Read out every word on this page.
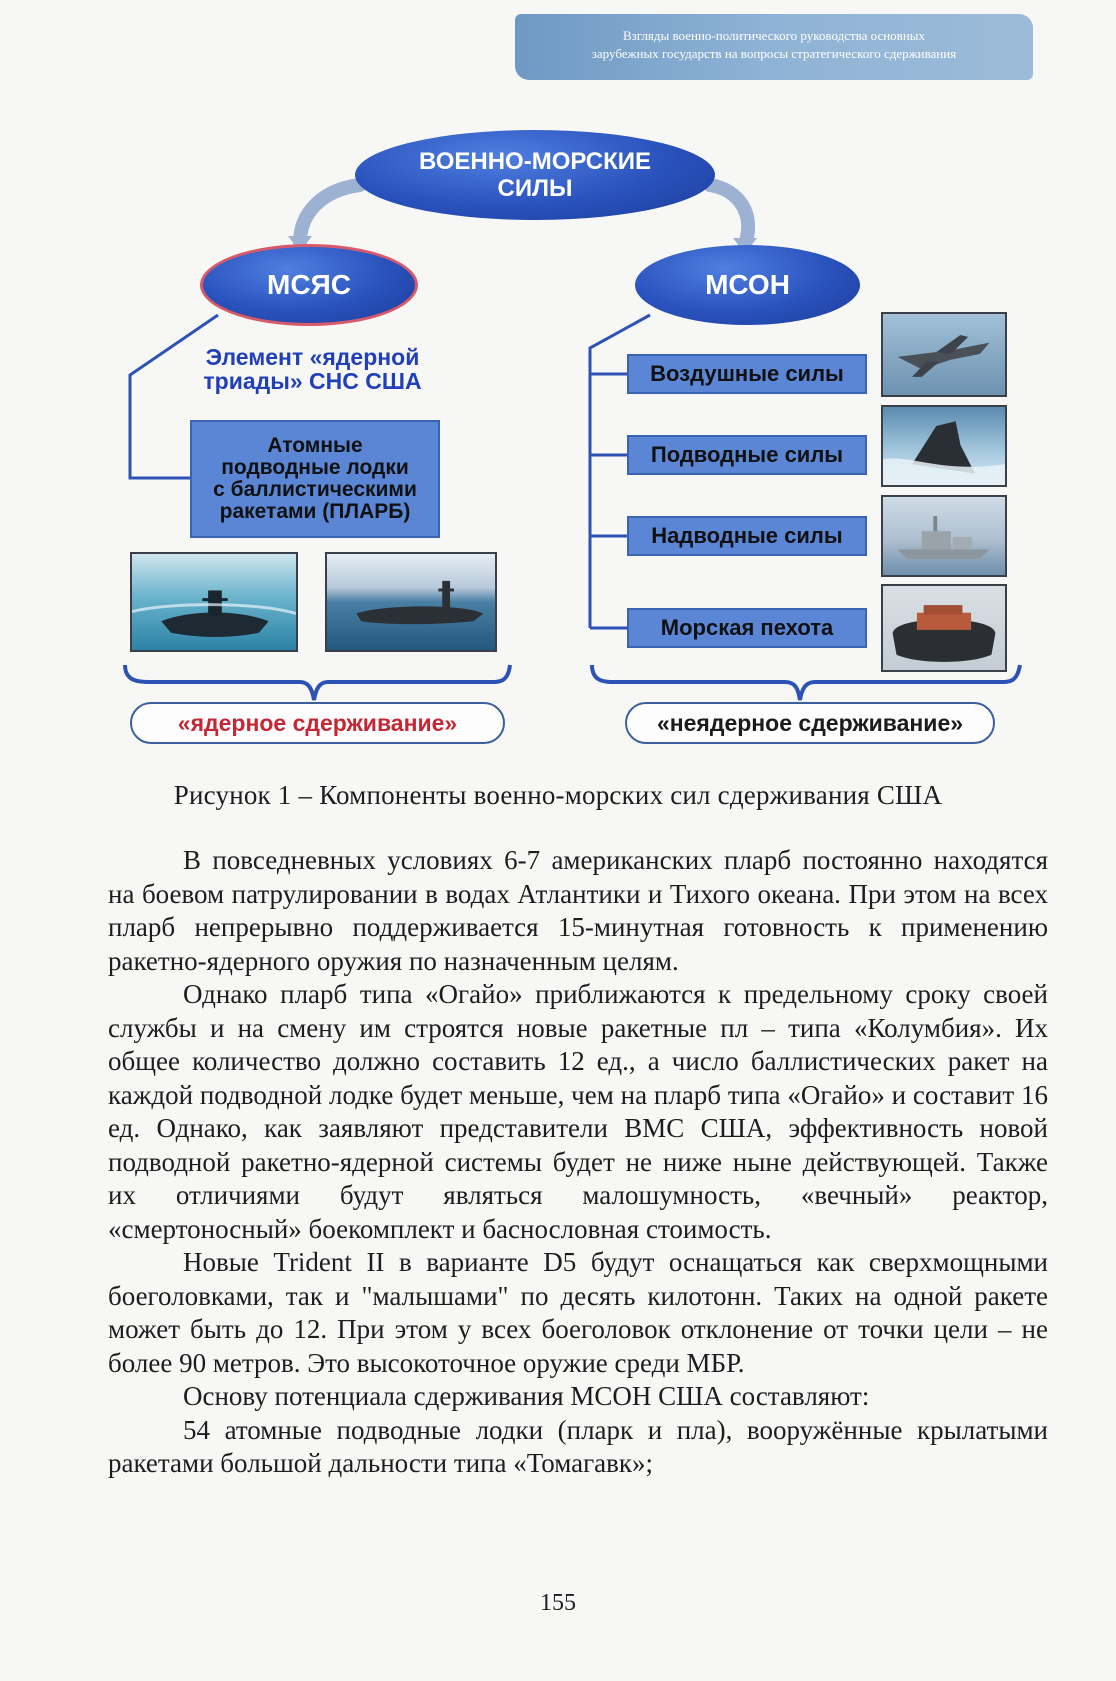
Взгляды военно-политического руководства основных
зарубежных государств на вопросы стратегического сдерживания
ВОЕННО-МОРСКИЕ
СИЛЫ
МСЯС	МСОН
Элемент «ядерной
триады» СНС США
Атомные
подводные лодки
с баллистическими
ракетами (ПЛАРБ)
Воздушные силы
Подводные силы
Надводные силы
Морская пехота
«ядерное сдерживание»	«неядерное сдерживание»
Рисунок 1 – Компоненты военно-морских сил сдерживания США

В повседневных условиях 6-7 американских пларб постоянно находятся на боевом патрулировании в водах Атлантики и Тихого океана. При этом на всех пларб непрерывно поддерживается 15-минутная готовность к применению ракетно-ядерного оружия по назначенным целям.

Однако пларб типа «Огайо» приближаются к предельному сроку своей службы и на смену им строятся новые ракетные пл – типа «Колумбия». Их общее количество должно составить 12 ед., а число баллистических ракет на каждой подводной лодке будет меньше, чем на пларб типа «Огайо» и составит 16 ед. Однако, как заявляют представители ВМС США, эффективность новой подводной ракетно-ядерной системы будет не ниже ныне действующей. Также их отличиями будут являться малошумность, «вечный» реактор, «смертоносный» боекомплект и баснословная стоимость.

Новые Trident II в варианте D5 будут оснащаться как сверхмощными боеголовками, так и "малышами" по десять килотонн. Таких на одной ракете может быть до 12. При этом у всех боеголовок отклонение от точки цели – не более 90 метров. Это высокоточное оружие среди МБР.

Основу потенциала сдерживания МСОН США составляют:

54 атомные подводные лодки (пларк и пла), вооружённые крылатыми ракетами большой дальности типа «Томагавк»;

155
